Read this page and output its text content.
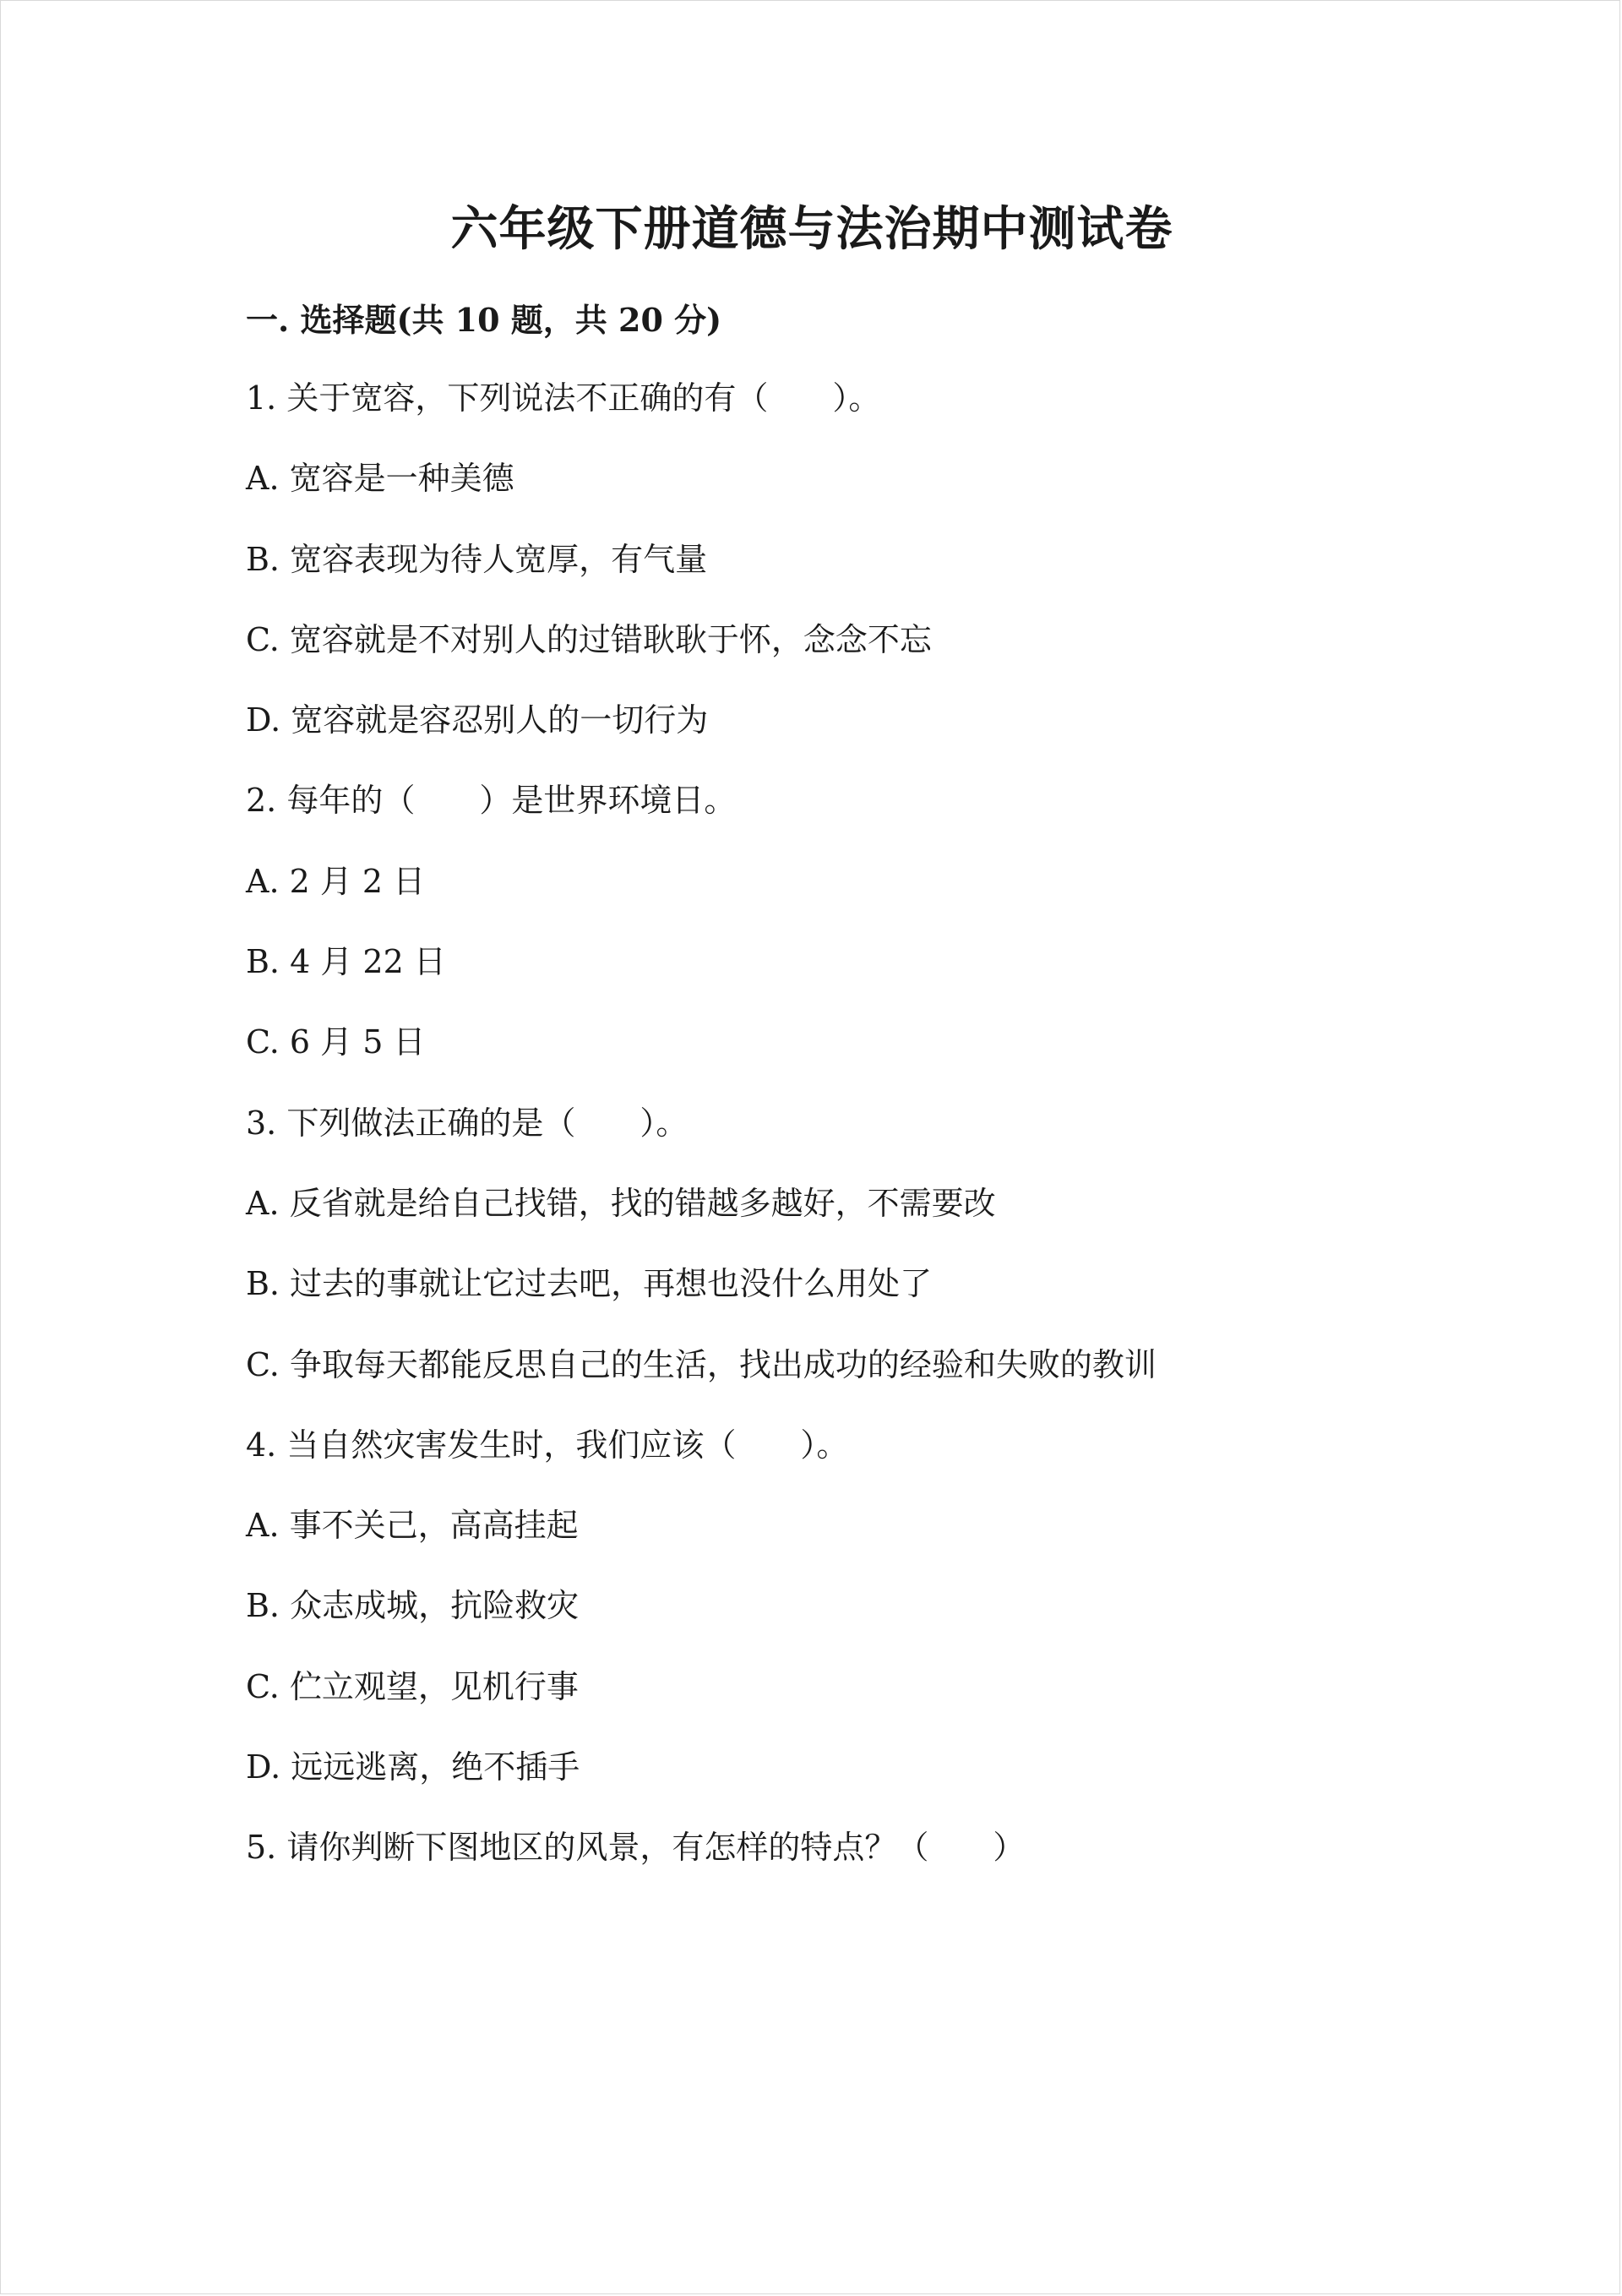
六年级下册道德与法治期中测试卷
一. 选择题(共 10 题，共 20 分)
1. 关于宽容，下列说法不正确的有（　　）。
A. 宽容是一种美德
B. 宽容表现为待人宽厚，有气量
C. 宽容就是不对别人的过错耿耿于怀，念念不忘
D. 宽容就是容忍别人的一切行为
2. 每年的（　　）是世界环境日。
A. 2 月 2 日
B. 4 月 22 日
C. 6 月 5 日
3. 下列做法正确的是（　　）。
A. 反省就是给自己找错，找的错越多越好，不需要改
B. 过去的事就让它过去吧，再想也没什么用处了
C. 争取每天都能反思自己的生活，找出成功的经验和失败的教训
4. 当自然灾害发生时，我们应该（　　）。
A. 事不关己，高高挂起
B. 众志成城，抗险救灾
C. 伫立观望，见机行事
D. 远远逃离，绝不插手
5. 请你判断下图地区的风景，有怎样的特点？（　　）
